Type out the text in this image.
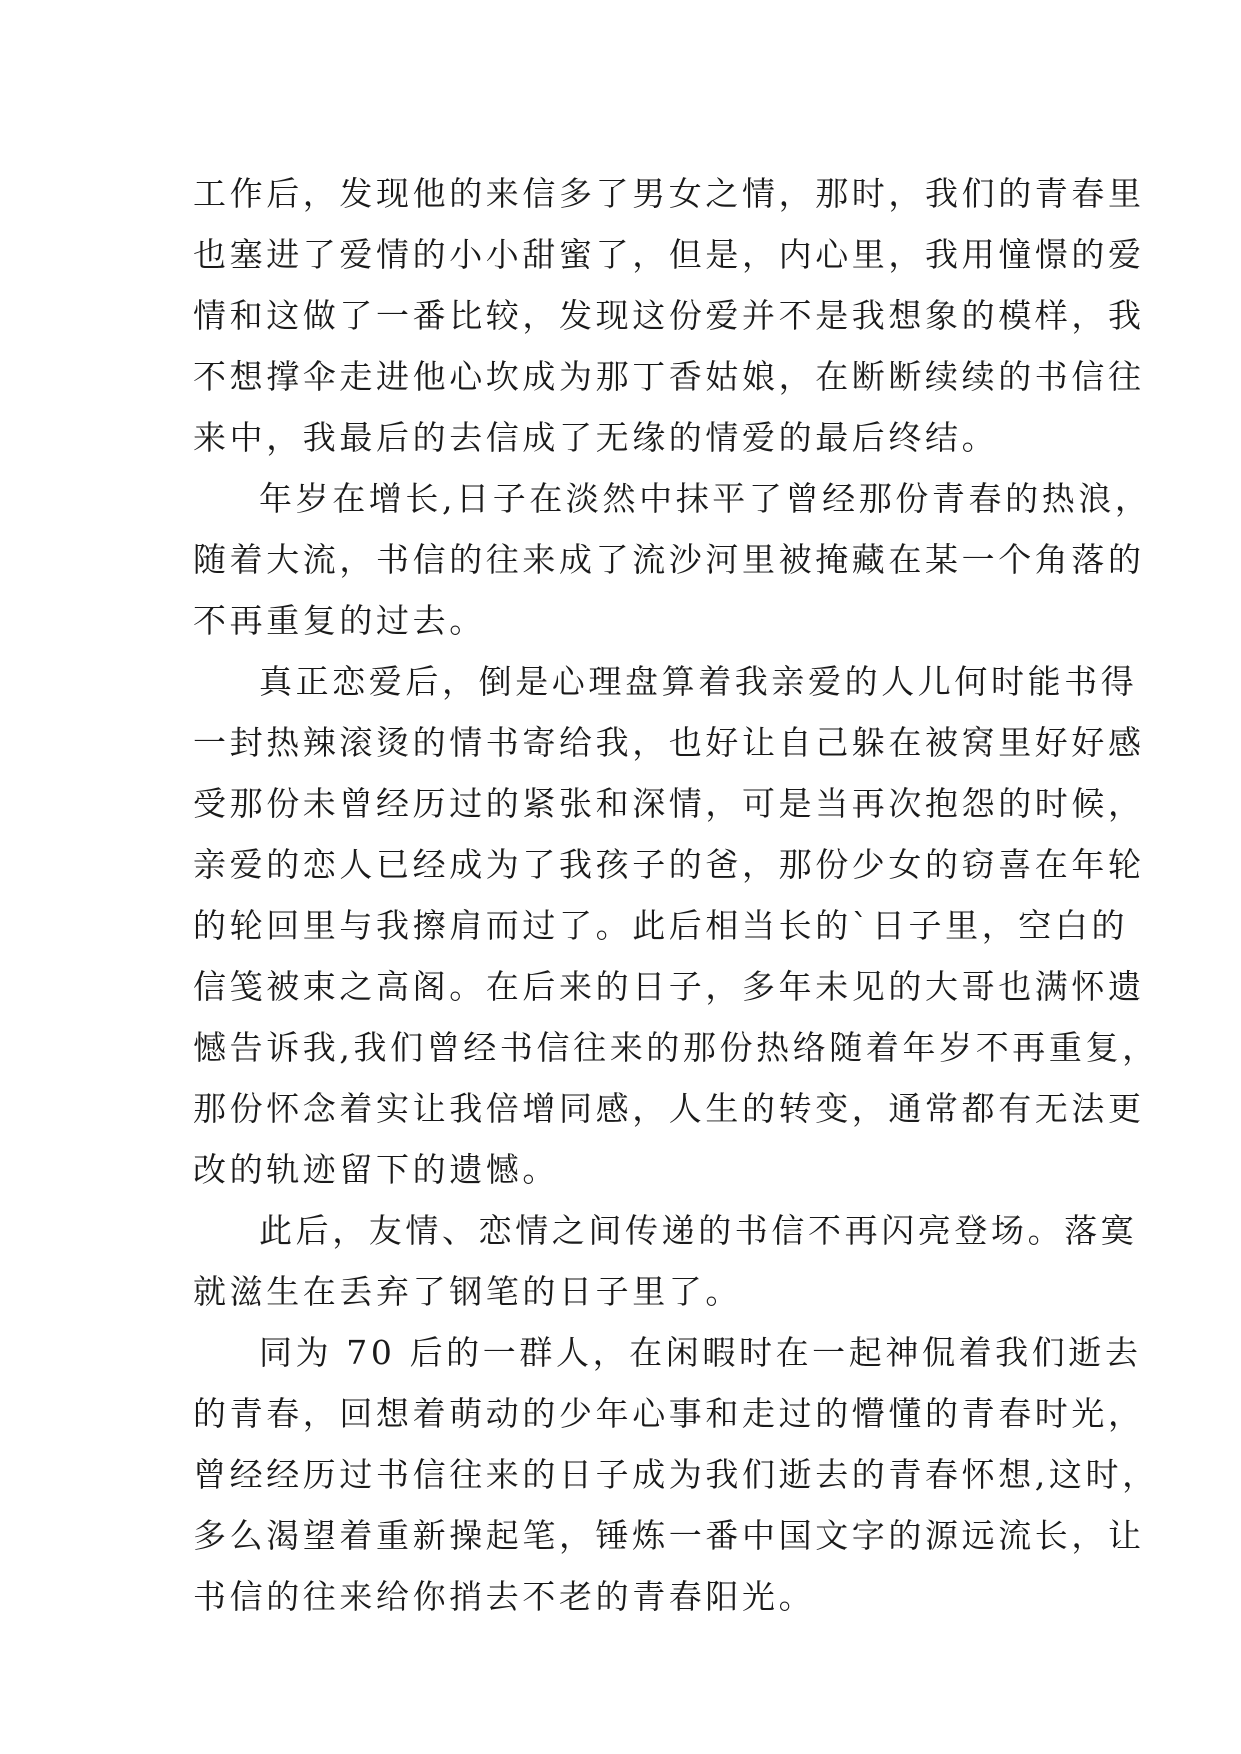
工作后，发现他的来信多了男女之情，那时，我们的青春里
也塞进了爱情的小小甜蜜了，但是，内心里，我用憧憬的爱
情和这做了一番比较，发现这份爱并不是我想象的模样，我
不想撑伞走进他心坎成为那丁香姑娘，在断断续续的书信往
来中，我最后的去信成了无缘的情爱的最后终结。
年岁在增长,日子在淡然中抹平了曾经那份青春的热浪，
随着大流，书信的往来成了流沙河里被掩藏在某一个角落的
不再重复的过去。
真正恋爱后，倒是心理盘算着我亲爱的人儿何时能书得
一封热辣滚烫的情书寄给我，也好让自己躲在被窝里好好感
受那份未曾经历过的紧张和深情，可是当再次抱怨的时候，
亲爱的恋人已经成为了我孩子的爸，那份少女的窃喜在年轮
的轮回里与我擦肩而过了。此后相当长的`日子里，空白的
信笺被束之高阁。在后来的日子，多年未见的大哥也满怀遗
憾告诉我,我们曾经书信往来的那份热络随着年岁不再重复，
那份怀念着实让我倍增同感，人生的转变，通常都有无法更
改的轨迹留下的遗憾。
此后，友情、恋情之间传递的书信不再闪亮登场。落寞
就滋生在丢弃了钢笔的日子里了。
同为 70 后的一群人，在闲暇时在一起神侃着我们逝去
的青春，回想着萌动的少年心事和走过的懵懂的青春时光，
曾经经历过书信往来的日子成为我们逝去的青春怀想,这时，
多么渴望着重新操起笔，锤炼一番中国文字的源远流长，让
书信的往来给你捎去不老的青春阳光。
